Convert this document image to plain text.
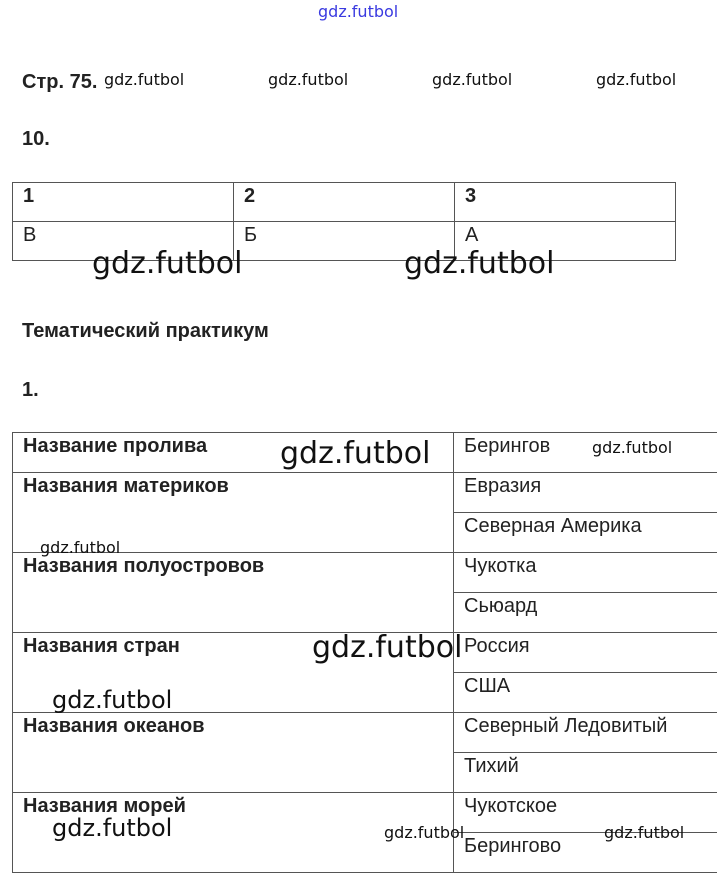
gdz.futbol
Стр. 75. gdz.futbol	gdz.futbol	gdz.futbol	gdz.futbol
10.
1	2	3
В	Б	А
gdz.futbol	gdz.futbol
Тематический практикум
1.
Название пролива	Берингов
Названия материков	Евразия
	Северная Америка
Названия полуостровов	Чукотка
	Сьюард
Названия стран	Россия
	США
Названия океанов	Северный Ледовитый
	Тихий
Названия морей	Чукотское
	Берингово
gdz.futbol	gdz.futbol
gdz.futbol
gdz.futbol
gdz.futbol
gdz.futbol	gdz.futbol	gdz.futbol
